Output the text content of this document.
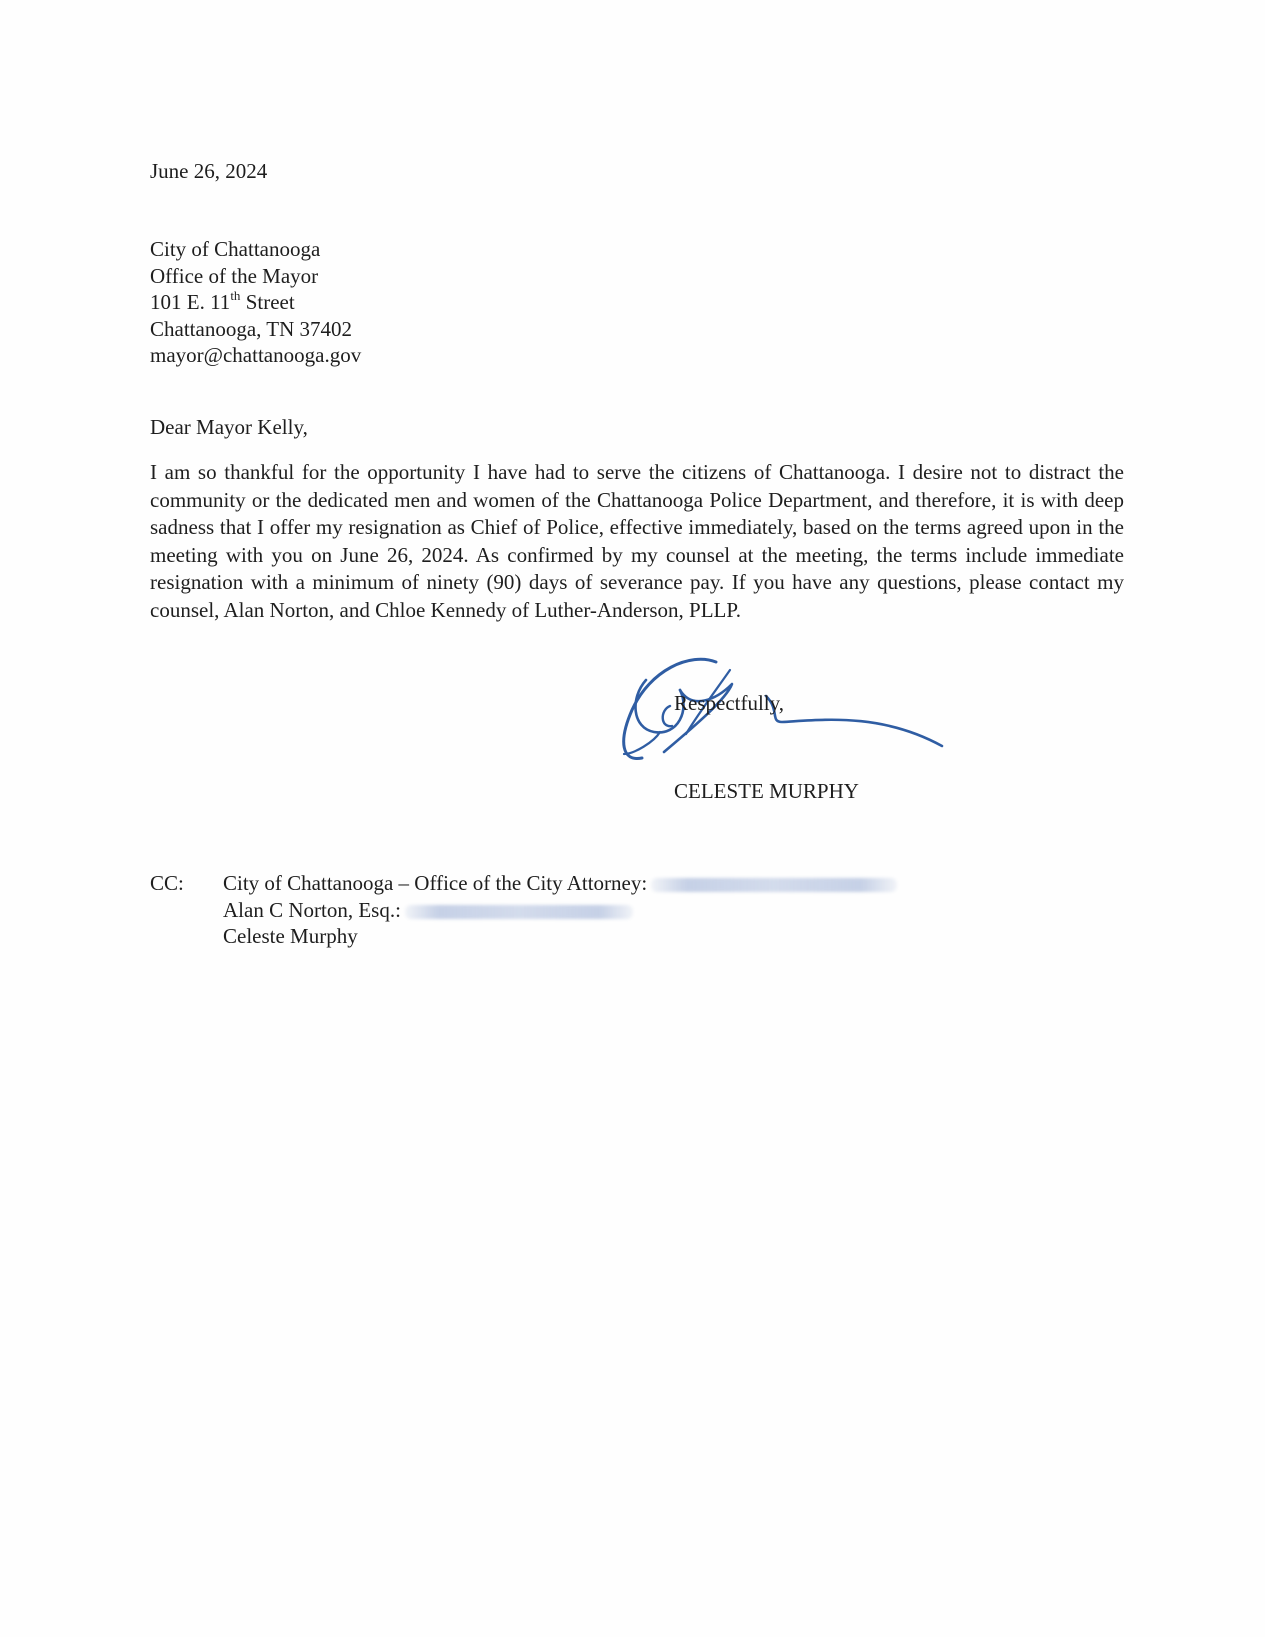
June 26, 2024
City of Chattanooga
Office of the Mayor
101 E. 11th Street
Chattanooga, TN 37402
mayor@chattanooga.gov
Dear Mayor Kelly,
I am so thankful for the opportunity I have had to serve the citizens of Chattanooga. I desire not to distract the community or the dedicated men and women of the Chattanooga Police Department, and therefore, it is with deep sadness that I offer my resignation as Chief of Police, effective immediately, based on the terms agreed upon in the meeting with you on June 26, 2024. As confirmed by my counsel at the meeting, the terms include immediate resignation with a minimum of ninety (90) days of severance pay. If you have any questions, please contact my counsel, Alan Norton, and Chloe Kennedy of Luther-Anderson, PLLP.
Respectfully,
CELESTE MURPHY
CC: City of Chattanooga – Office of the City Attorney:
Alan C Norton, Esq.:
Celeste Murphy
